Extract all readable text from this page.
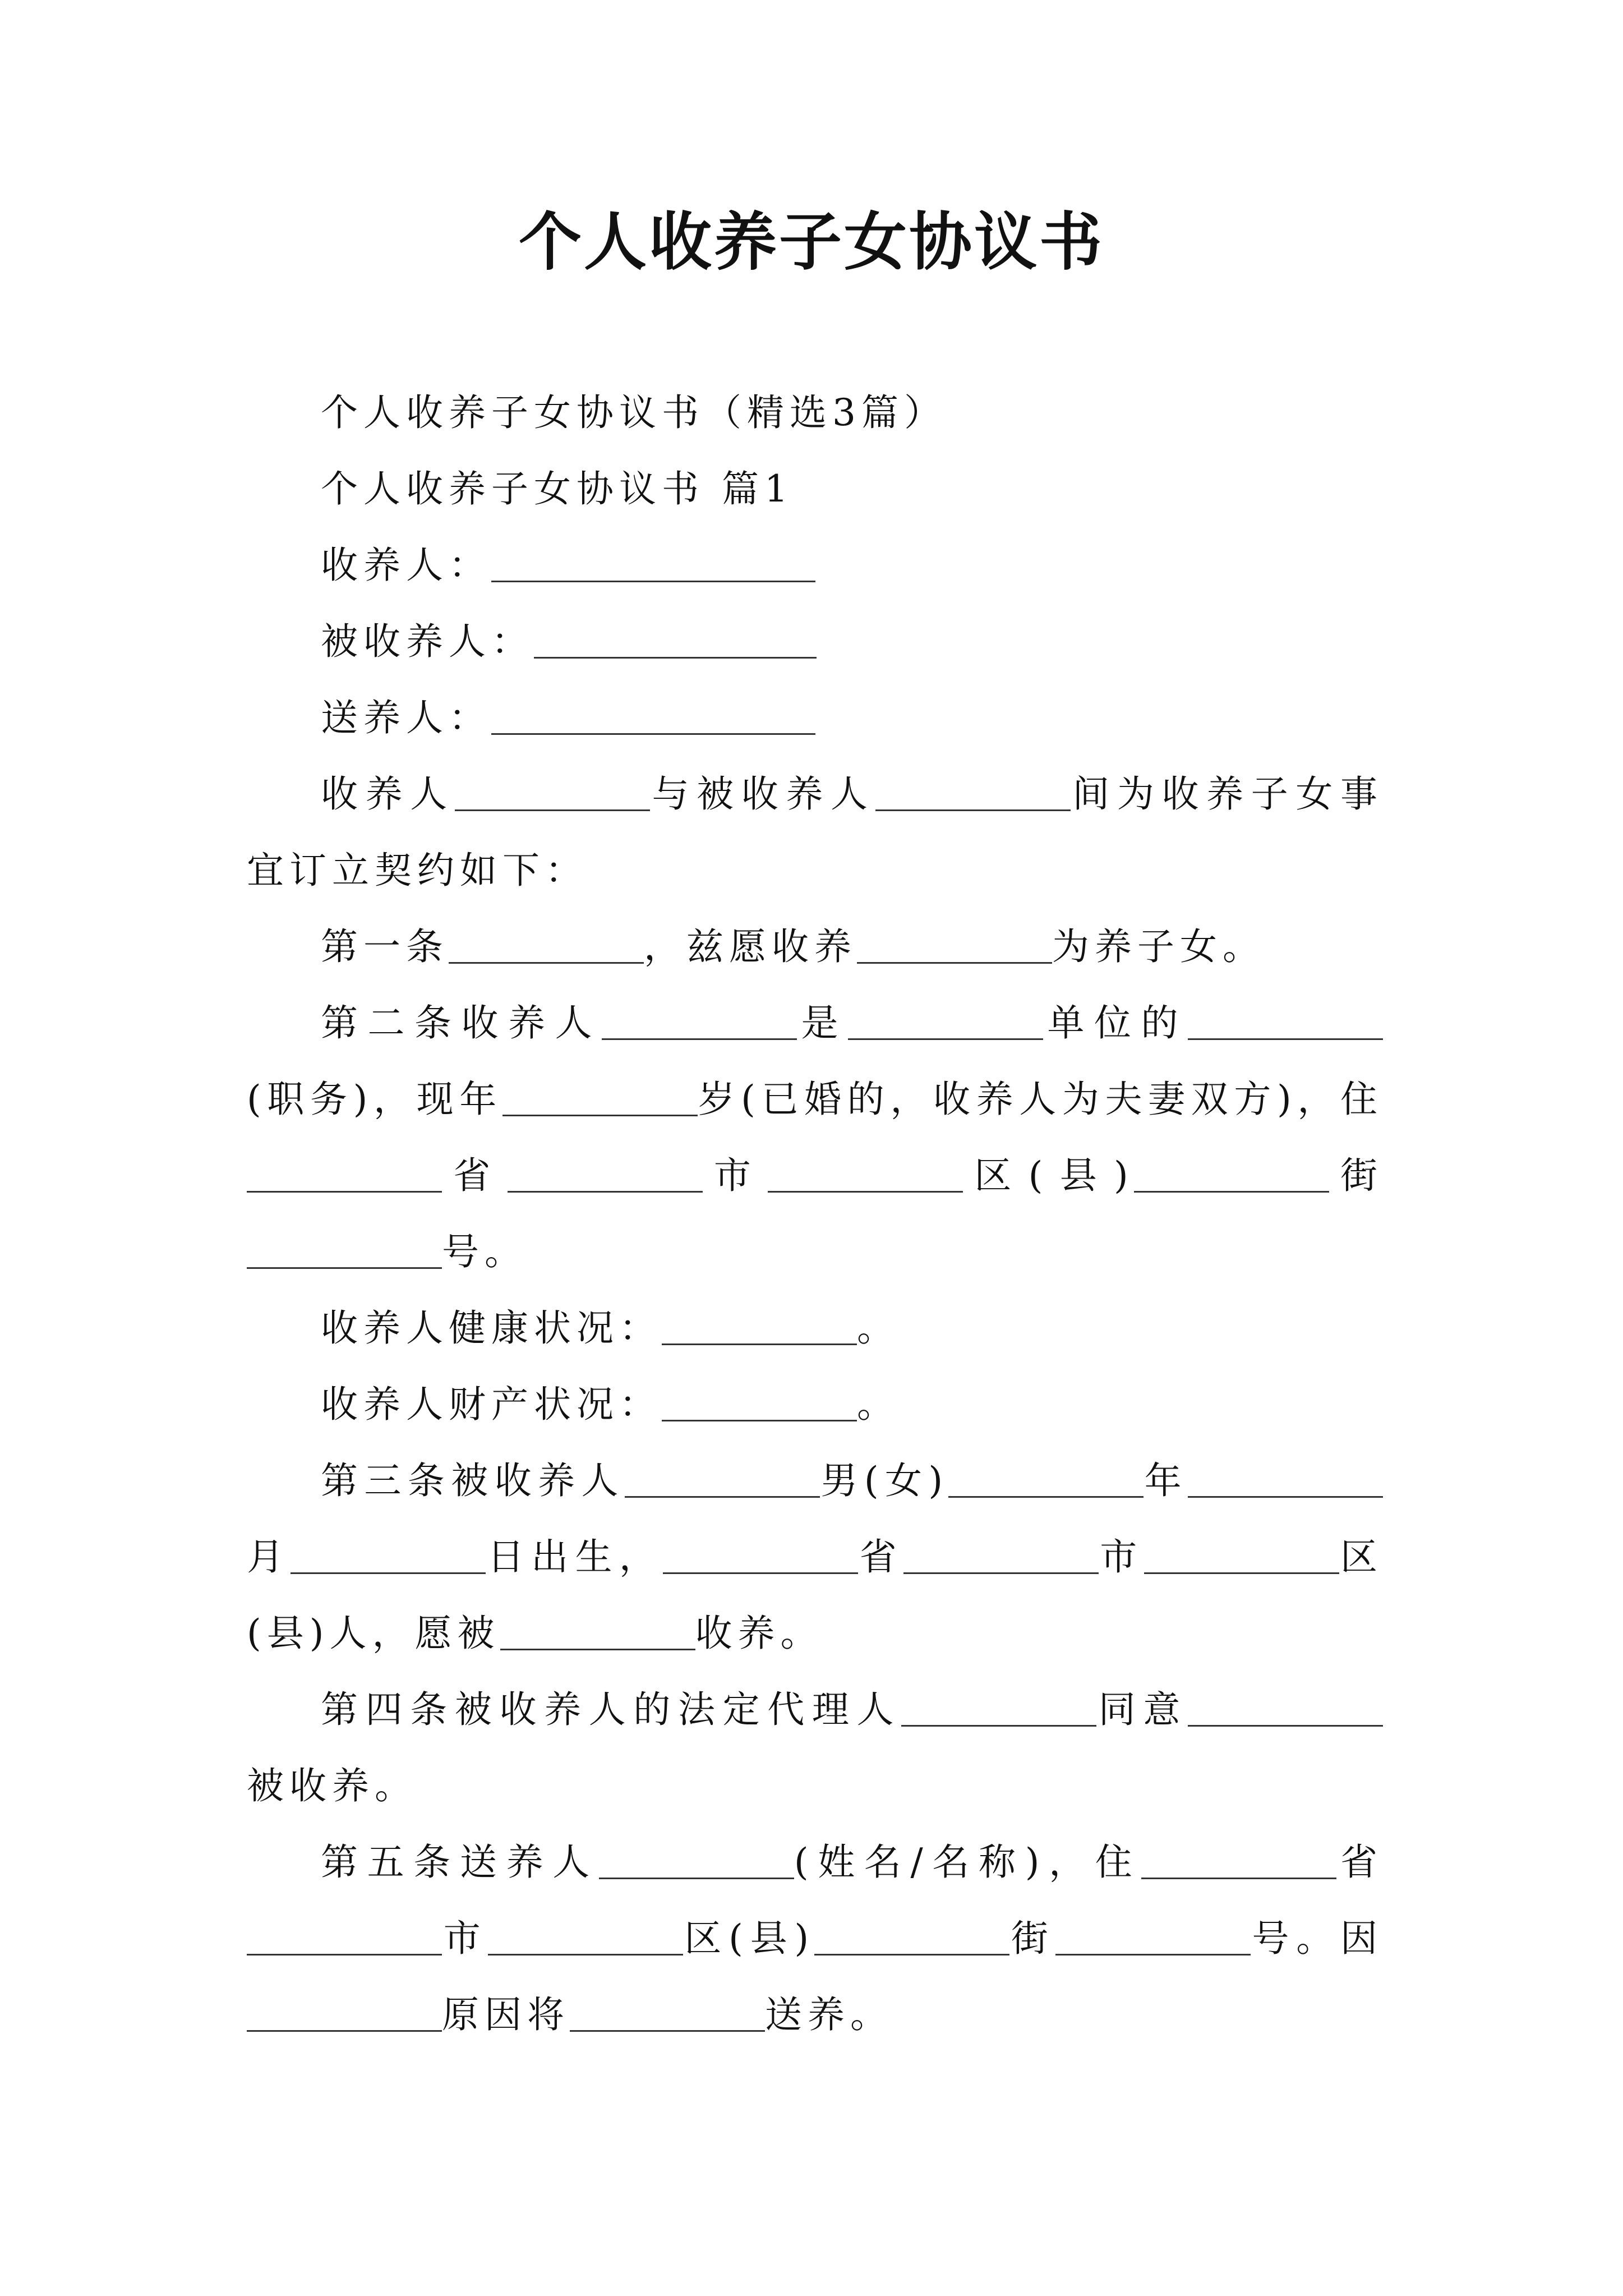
个人收养子女协议书

个人收养子女协议书（精选3篇）

个人收养子女协议书 篇1

收养人：

被收养人：

送养人：

收养人	与被收养人	间为收养子女事宜订立契约如下：

第一条	，兹愿收养	为养子女。

第二条收养人	是	单位的(职务)，现年	岁(已婚的，收养人为夫妻双方)，住省	市	区(县)	街号。

收养人健康状况：	。

收养人财产状况：	。

第三条被收养人	男(女)	年月	日出生，	省	市	区(县)人，愿被	收养。

第四条被收养人的法定代理人	同意被收养。

第五条送养人	(姓名/名称)，住	省市	区(县)	街	号。因原因将	送养。
